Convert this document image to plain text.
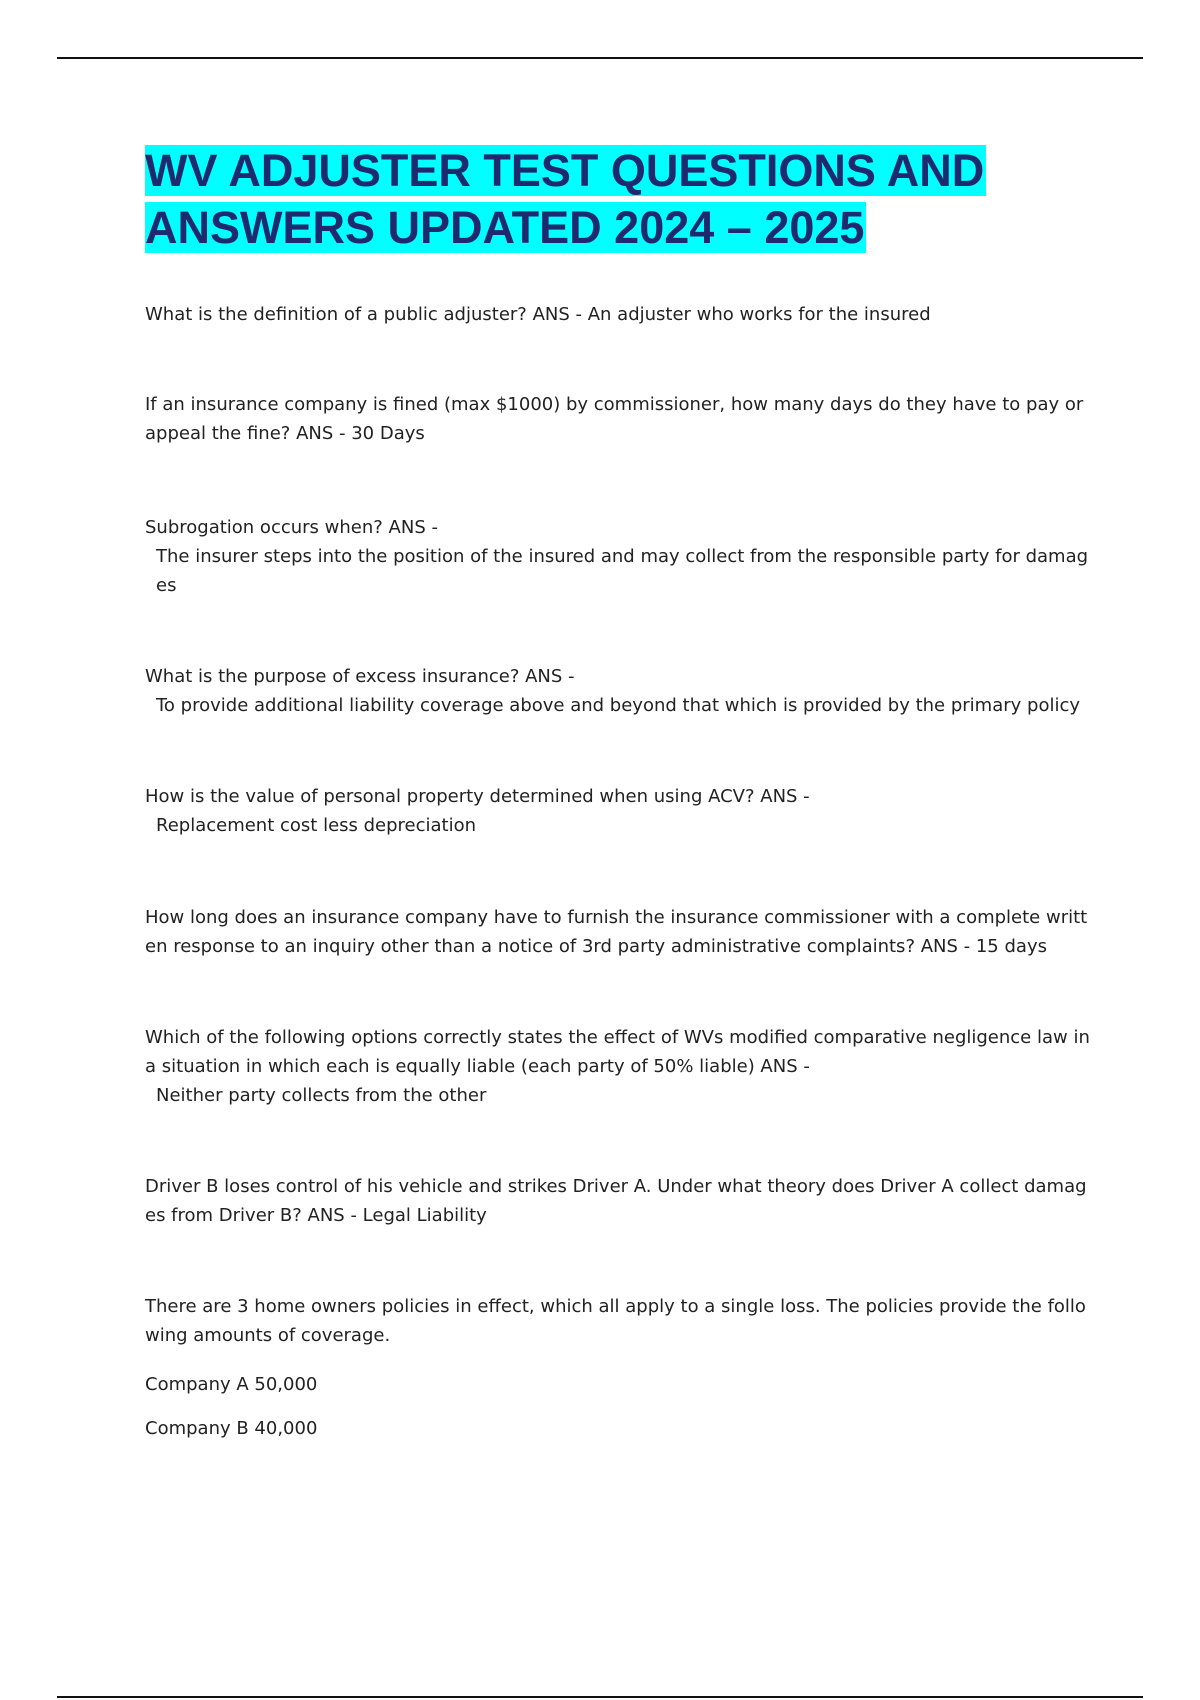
WV ADJUSTER TEST QUESTIONS AND
ANSWERS UPDATED 2024 – 2025
What is the definition of a public adjuster? ANS - An adjuster who works for the insured
If an insurance company is fined (max $1000) by commissioner, how many days do they have to pay or appeal the fine? ANS - 30 Days
Subrogation occurs when? ANS -
The insurer steps into the position of the insured and may collect from the responsible party for damages
What is the purpose of excess insurance? ANS -
To provide additional liability coverage above and beyond that which is provided by the primary policy
How is the value of personal property determined when using ACV? ANS -
Replacement cost less depreciation
How long does an insurance company have to furnish the insurance commissioner with a complete written response to an inquiry other than a notice of 3rd party administrative complaints? ANS - 15 days
Which of the following options correctly states the effect of WVs modified comparative negligence law in a situation in which each is equally liable (each party of 50% liable) ANS -
Neither party collects from the other
Driver B loses control of his vehicle and strikes Driver A. Under what theory does Driver A collect damages from Driver B? ANS - Legal Liability
There are 3 home owners policies in effect, which all apply to a single loss. The policies provide the following amounts of coverage.
Company A 50,000
Company B 40,000
